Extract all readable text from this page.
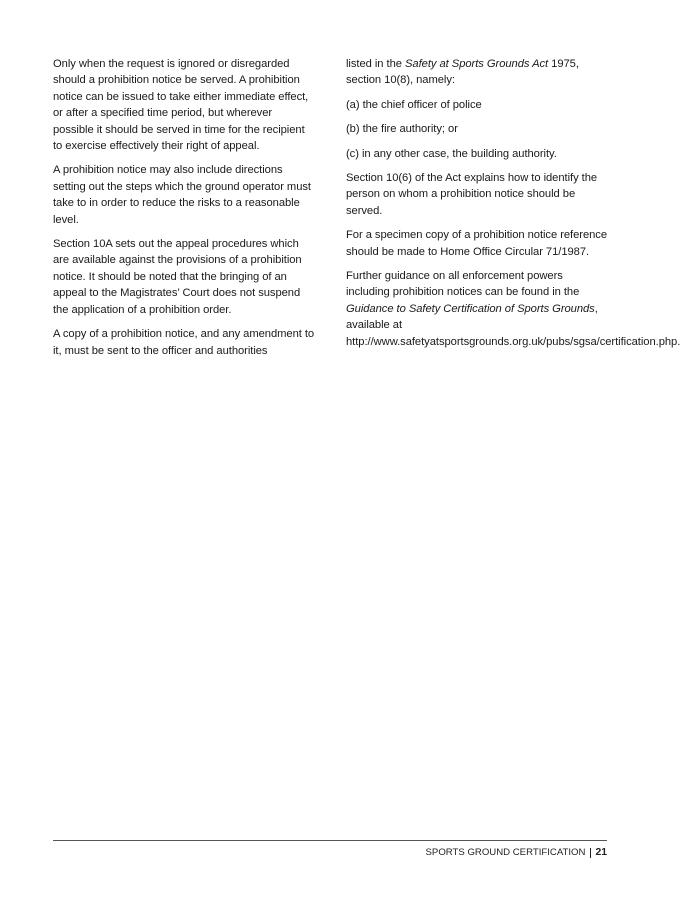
Only when the request is ignored or disregarded should a prohibition notice be served. A prohibition notice can be issued to take either immediate effect, or after a specified time period, but wherever possible it should be served in time for the recipient to exercise effectively their right of appeal.

A prohibition notice may also include directions setting out the steps which the ground operator must take to in order to reduce the risks to a reasonable level.

Section 10A sets out the appeal procedures which are available against the provisions of a prohibition notice. It should be noted that the bringing of an appeal to the Magistrates’ Court does not suspend the application of a prohibition order.

A copy of a prohibition notice, and any amendment to it, must be sent to the officer and authorities

listed in the Safety at Sports Grounds Act 1975, section 10(8), namely:

(a) the chief officer of police

(b) the fire authority; or

(c) in any other case, the building authority.

Section 10(6) of the Act explains how to identify the person on whom a prohibition notice should be served.

For a specimen copy of a prohibition notice reference should be made to Home Office Circular 71/1987.

Further guidance on all enforcement powers including prohibition notices can be found in the Guidance to Safety Certification of Sports Grounds, available at http://www.safetyatsportsgrounds.org.uk/pubs/sgsa/certification.php.

SPORTS GROUND CERTIFICATION 21
